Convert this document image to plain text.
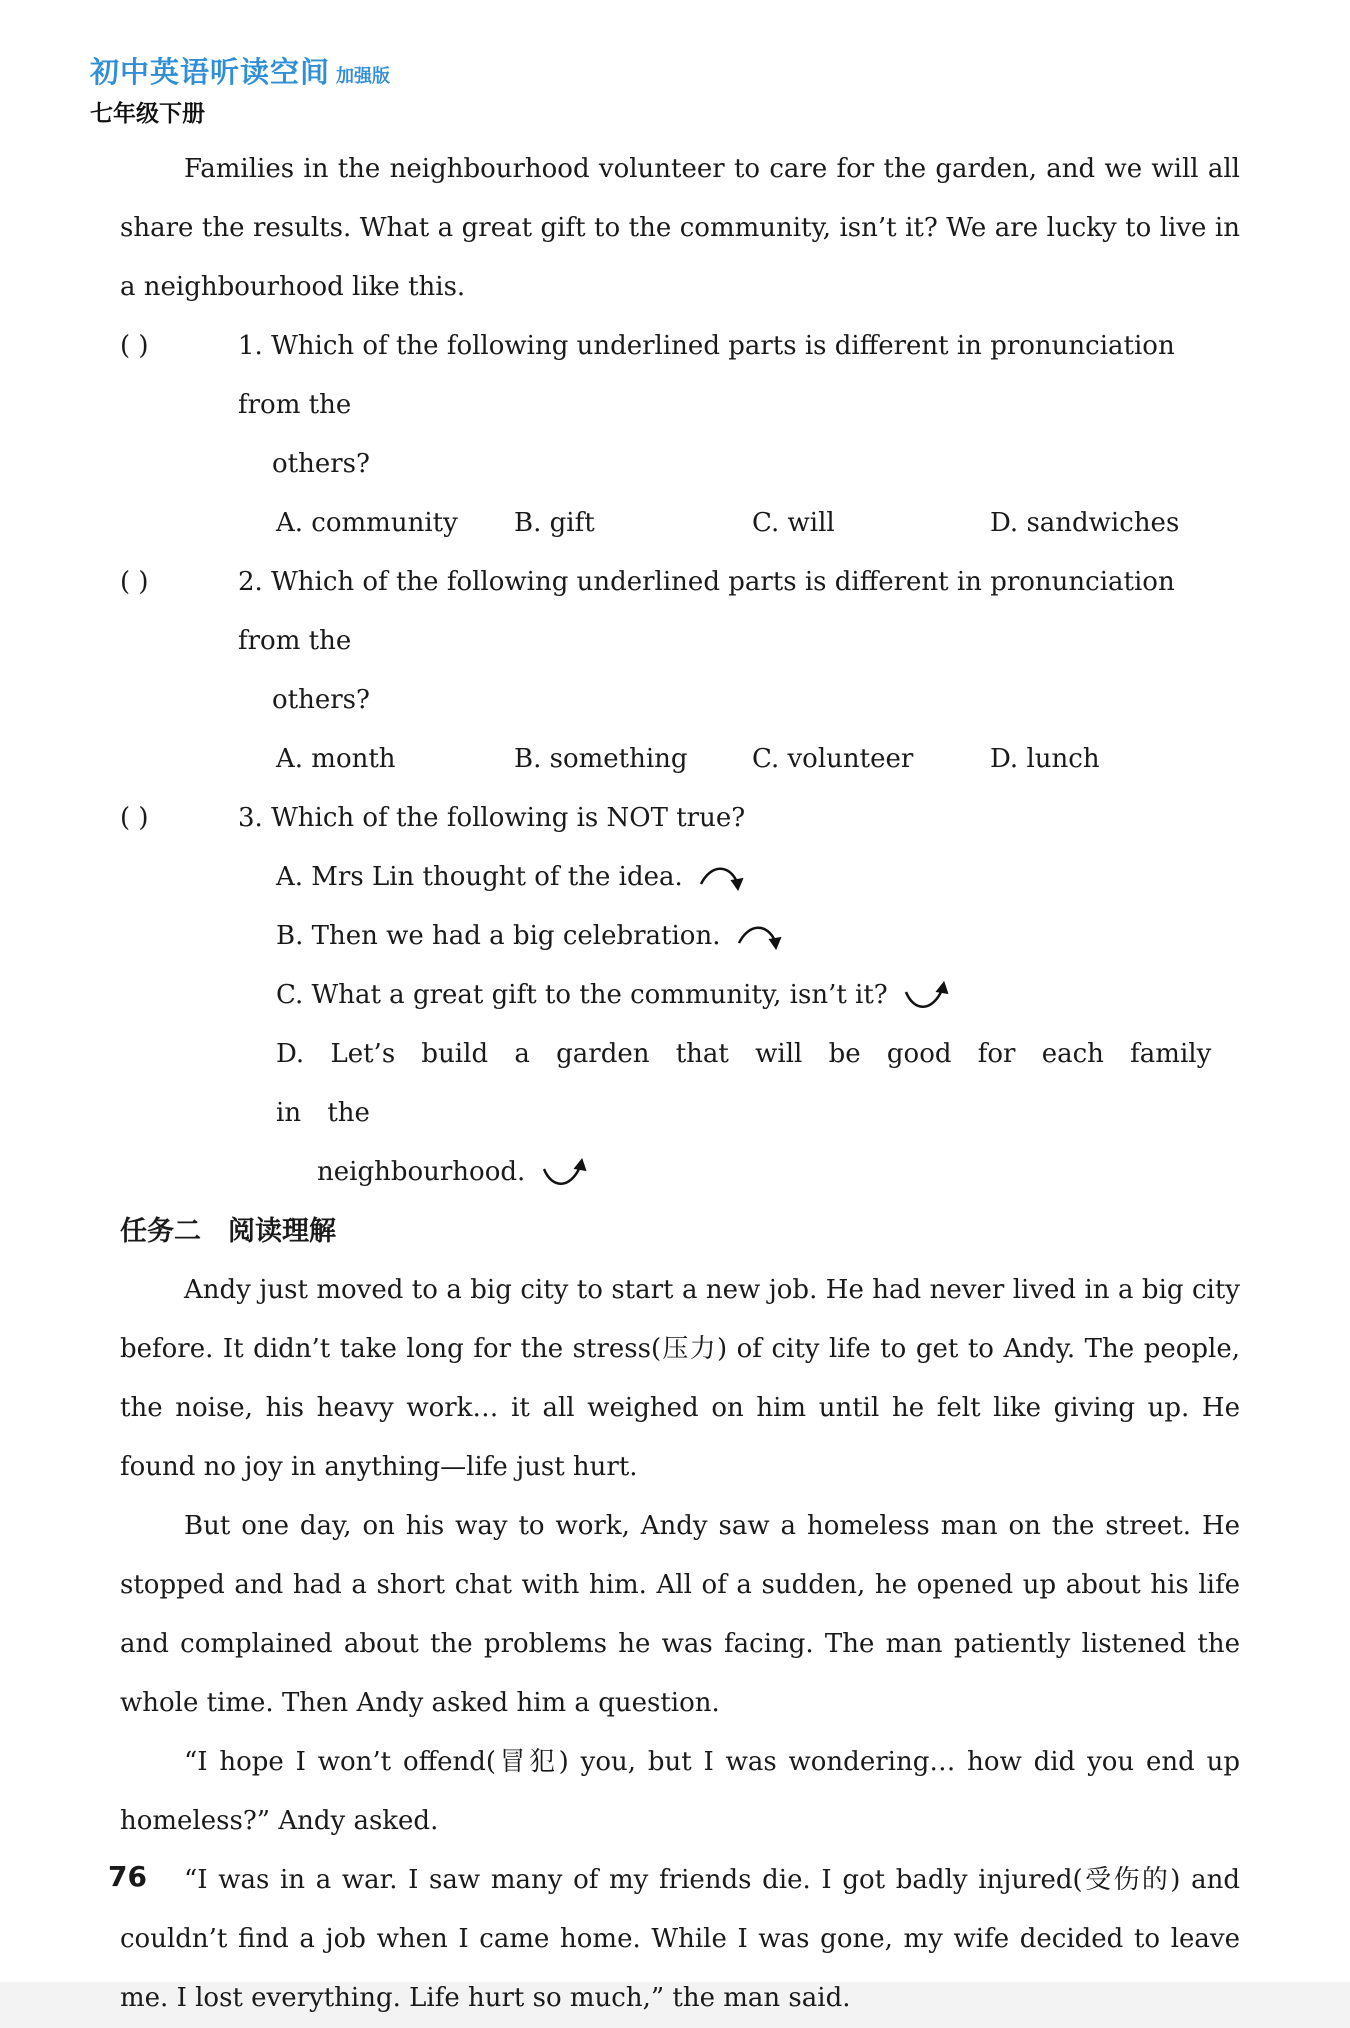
初中英语听读空间 加强版
七年级下册

Families in the neighbourhood volunteer to care for the garden, and we will all share the results. What a great gift to the community, isn’t it? We are lucky to live in a neighbourhood like this.

( )	1. Which of the following underlined parts is different in pronunciation from the
others?
A. community	B. gift	C. will	D. sandwiches
( )	2. Which of the following underlined parts is different in pronunciation from the
others?
A. month	B. something	C. volunteer	D. lunch
( )	3. Which of the following is NOT true?
A. Mrs Lin thought of the idea.
B. Then we had a big celebration.
C. What a great gift to the community, isn’t it?
D. Let’s build a garden that will be good for each family in the
neighbourhood.
任务二　阅读理解

Andy just moved to a big city to start a new job. He had never lived in a big city before. It didn’t take long for the stress(压力) of city life to get to Andy. The people, the noise, his heavy work… it all weighed on him until he felt like giving up. He found no joy in anything—life just hurt.

But one day, on his way to work, Andy saw a homeless man on the street. He stopped and had a short chat with him. All of a sudden, he opened up about his life and complained about the problems he was facing. The man patiently listened the whole time. Then Andy asked him a question.

“I hope I won’t offend(冒犯) you, but I was wondering… how did you end up homeless?” Andy asked.

“I was in a war. I saw many of my friends die. I got badly injured(受伤的) and couldn’t find a job when I came home. While I was gone, my wife decided to leave me. I lost everything. Life hurt so much,” the man said.

76
